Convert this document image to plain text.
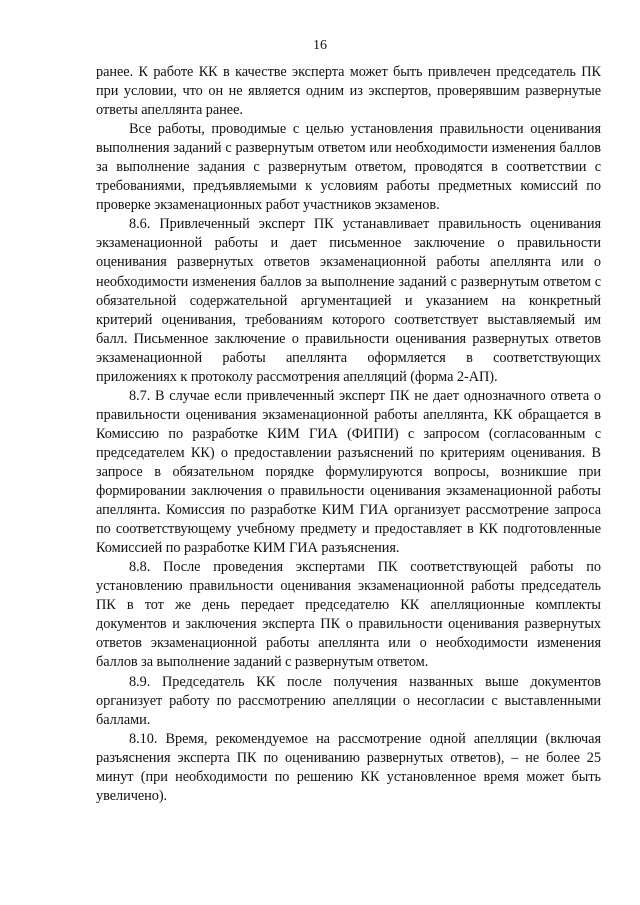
16

ранее. К работе КК в качестве эксперта может быть привлечен председатель ПК при условии, что он не является одним из экспертов, проверявшим развернутые ответы апеллянта ранее.

Все работы, проводимые с целью установления правильности оценивания выполнения заданий с развернутым ответом или необходимости изменения баллов за выполнение задания с развернутым ответом, проводятся в соответствии с требованиями, предъявляемыми к условиям работы предметных комиссий по проверке экзаменационных работ участников экзаменов.

8.6. Привлеченный эксперт ПК устанавливает правильность оценивания экзаменационной работы и дает письменное заключение о правильности оценивания развернутых ответов экзаменационной работы апеллянта или о необходимости изменения баллов за выполнение заданий с развернутым ответом с обязательной содержательной аргументацией и указанием на конкретный критерий оценивания, требованиям которого соответствует выставляемый им балл. Письменное заключение о правильности оценивания развернутых ответов экзаменационной работы апеллянта оформляется в соответствующих приложениях к протоколу рассмотрения апелляций (форма 2-АП).

8.7. В случае если привлеченный эксперт ПК не дает однозначного ответа о правильности оценивания экзаменационной работы апеллянта, КК обращается в Комиссию по разработке КИМ ГИА (ФИПИ) с запросом (согласованным с председателем КК) о предоставлении разъяснений по критериям оценивания. В запросе в обязательном порядке формулируются вопросы, возникшие при формировании заключения о правильности оценивания экзаменационной работы апеллянта. Комиссия по разработке КИМ ГИА организует рассмотрение запроса по соответствующему учебному предмету и предоставляет в КК подготовленные Комиссией по разработке КИМ ГИА разъяснения.

8.8. После проведения экспертами ПК соответствующей работы по установлению правильности оценивания экзаменационной работы председатель ПК в тот же день передает председателю КК апелляционные комплекты документов и заключения эксперта ПК о правильности оценивания развернутых ответов экзаменационной работы апеллянта или о необходимости изменения баллов за выполнение заданий с развернутым ответом.

8.9. Председатель КК после получения названных выше документов организует работу по рассмотрению апелляции о несогласии с выставленными баллами.

8.10. Время, рекомендуемое на рассмотрение одной апелляции (включая разъяснения эксперта ПК по оцениванию развернутых ответов), – не более 25 минут (при необходимости по решению КК установленное время может быть увеличено).
